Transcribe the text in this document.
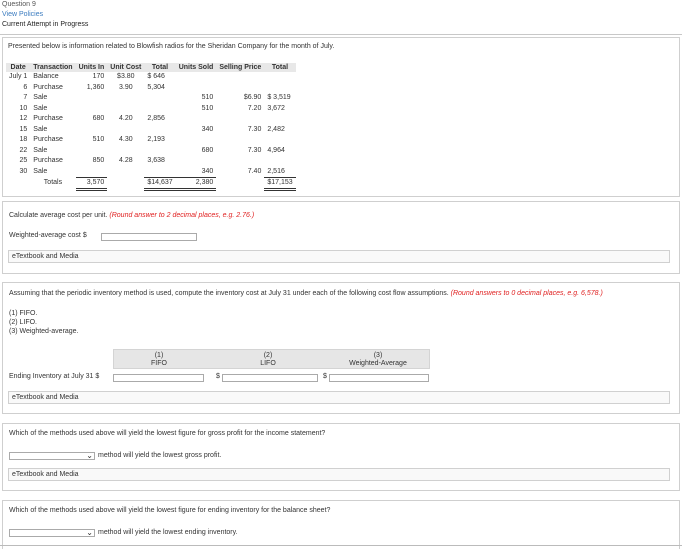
Question 9
View Policies
Current Attempt in Progress
Presented below is information related to Blowfish radios for the Sheridan Company for the month of July.
Date	Transaction	Units In	Unit Cost	Total	Units Sold	Selling Price	Total
July 1	Balance	170	$3.80	$ 646			
6	Purchase	1,360	3.90	5,304			
7	Sale				510	$6.90	$ 3,519
10	Sale				510	7.20	3,672
12	Purchase	680	4.20	2,856			
15	Sale				340	7.30	2,482
18	Purchase	510	4.30	2,193			
22	Sale				680	7.30	4,964
25	Purchase	850	4.28	3,638			
30	Sale				340	7.40	2,516
	Totals	3,570		$14,637	2,380		$17,153
Calculate average cost per unit. (Round answer to 2 decimal places, e.g. 2.76.)
Weighted-average cost $
eTextbook and Media
Assuming that the periodic inventory method is used, compute the inventory cost at July 31 under each of the following cost flow assumptions. (Round answers to 0 decimal places, e.g. 6,578.)
(1) FIFO.
(2) LIFO.
(3) Weighted-average.
(1)
FIFO
(2)
LIFO
(3)
Weighted-Average
Ending Inventory at July 31 $	$	$
eTextbook and Media
Which of the methods used above will yield the lowest figure for gross profit for the income statement?
⌄ method will yield the lowest gross profit.
eTextbook and Media
Which of the methods used above will yield the lowest figure for ending inventory for the balance sheet?
⌄ method will yield the lowest ending inventory.
